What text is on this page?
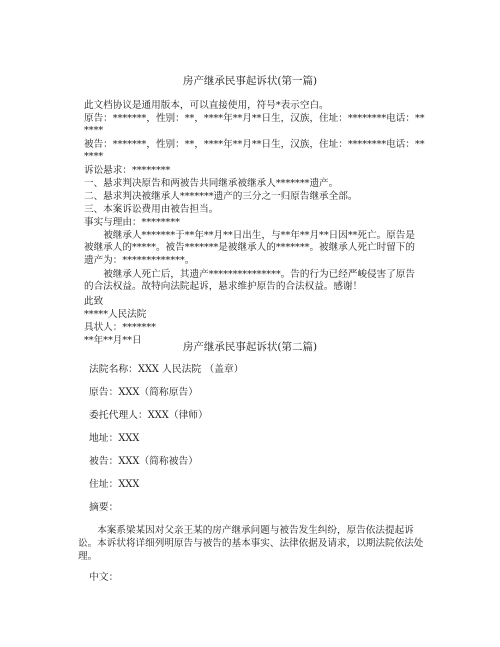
房产继承民事起诉状(第一篇)
此文档协议是通用版本，可以直接使用，符号*表示空白。
原告：*******，性别：**，****年**月**日生，汉族，住址：********电话：******
被告：*******，性别：**，****年**月**日生，汉族，住址：********电话：******
诉讼悬求：********
一、悬求判决原告和两被告共同继承被继承人*******遗产。
二、悬求判决被继承人*******遗产的三分之一归原告继承全部。
三、本案诉讼费用由被告担当。
事实与理由：********
被继承人*******于**年**月**日出生，与**年**月**日因**死亡。原告是被继承人的*****。被告*******是被继承人的*******。被继承人死亡时留下的遗产为：*************。
被继承人死亡后，其遗产***************。告的行为已经严峻侵害了原告的合法权益。故特向法院起诉，悬求维护原告的合法权益。感谢！
此致
*****人民法院
具状人：*******
**年**月**日
房产继承民事起诉状(第二篇)
法院名称：XXX 人民法院 （盖章）
原告：XXX（简称原告）
委托代理人：XXX（律师）
地址：XXX
被告：XXX（简称被告）
住址：XXX
摘要：
本案系梁某因对父亲王某的房产继承问题与被告发生纠纷，原告依法提起诉讼。本诉状将详细列明原告与被告的基本事实、法律依据及请求，以期法院依法处理。
中文：
